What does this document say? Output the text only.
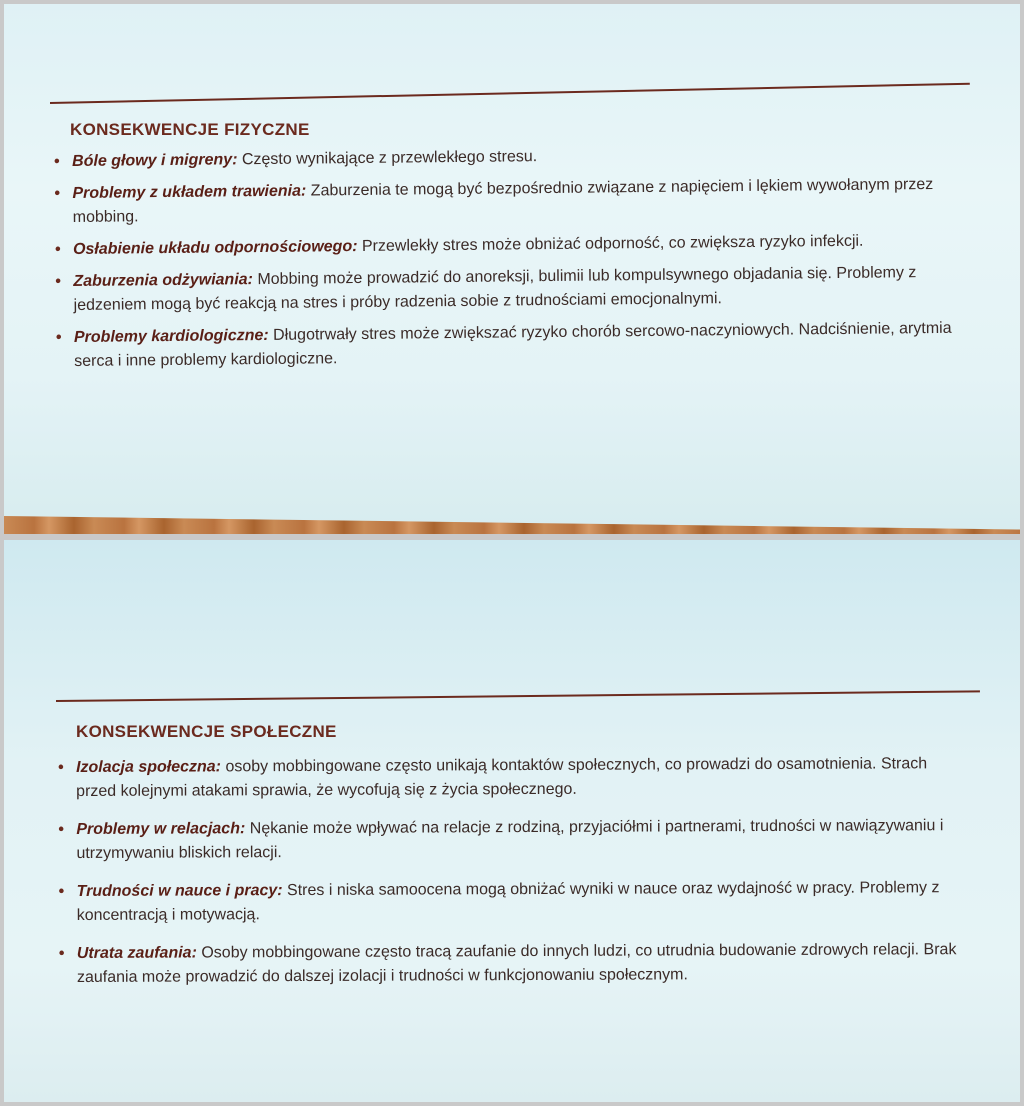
KONSEKWENCJE FIZYCZNE
• Bóle głowy i migreny: Często wynikające z przewlekłego stresu.
• Problemy z układem trawienia: Zaburzenia te mogą być bezpośrednio związane z napięciem i lękiem wywołanym przez mobbing.
• Osłabienie układu odpornościowego: Przewlekły stres może obniżać odporność, co zwiększa ryzyko infekcji.
• Zaburzenia odżywiania: Mobbing może prowadzić do anoreksji, bulimii lub kompulsywnego objadania się. Problemy z jedzeniem mogą być reakcją na stres i próby radzenia sobie z trudnościami emocjonalnymi.
• Problemy kardiologiczne: Długotrwały stres może zwiększać ryzyko chorób sercowo-naczyniowych. Nadciśnienie, arytmia serca i inne problemy kardiologiczne.
KONSEKWENCJE SPOŁECZNE
• Izolacja społeczna: osoby mobbingowane często unikają kontaktów społecznych, co prowadzi do osamotnienia. Strach przed kolejnymi atakami sprawia, że wycofują się z życia społecznego.
• Problemy w relacjach: Nękanie może wpływać na relacje z rodziną, przyjaciółmi i partnerami, trudności w nawiązywaniu i utrzymywaniu bliskich relacji.
• Trudności w nauce i pracy: Stres i niska samoocena mogą obniżać wyniki w nauce oraz wydajność w pracy. Problemy z koncentracją i motywacją.
• Utrata zaufania: Osoby mobbingowane często tracą zaufanie do innych ludzi, co utrudnia budowanie zdrowych relacji. Brak zaufania może prowadzić do dalszej izolacji i trudności w funkcjonowaniu społecznym.
